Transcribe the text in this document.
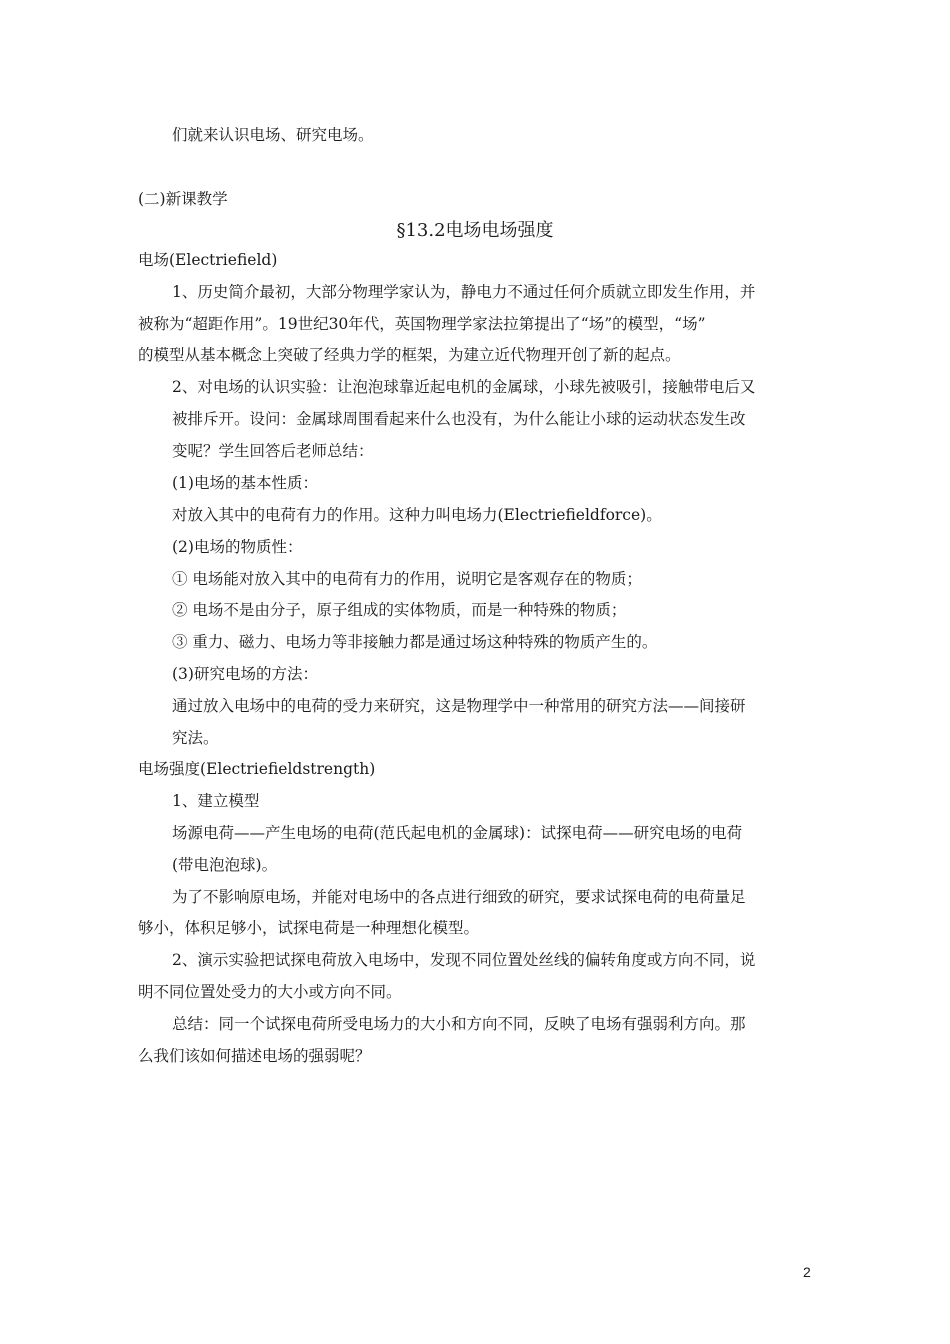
们就来认识电场、研究电场。
(二)新课教学
§13.2电场电场强度
电场(Electriefield)
1、历史简介最初，大部分物理学家认为，静电力不通过任何介质就立即发生作用，并
被称为“超距作用”。19世纪30年代，英国物理学家法拉第提出了“场”的模型，“场”
的模型从基本概念上突破了经典力学的框架，为建立近代物理开创了新的起点。
2、对电场的认识实验：让泡泡球靠近起电机的金属球，小球先被吸引，接触带电后又
被排斥开。设问：金属球周围看起来什么也没有，为什么能让小球的运动状态发生改
变呢？学生回答后老师总结：
(1)电场的基本性质：
对放入其中的电荷有力的作用。这种力叫电场力(Electriefieldforce)。
(2)电场的物质性：
① 电场能对放入其中的电荷有力的作用，说明它是客观存在的物质；
② 电场不是由分子，原子组成的实体物质，而是一种特殊的物质；
③ 重力、磁力、电场力等非接触力都是通过场这种特殊的物质产生的。
(3)研究电场的方法：
通过放入电场中的电荷的受力来研究，这是物理学中一种常用的研究方法——间接研
究法。
电场强度(Electriefieldstrength)
1、建立模型
场源电荷——产生电场的电荷(范氏起电机的金属球)：试探电荷——研究电场的电荷
(带电泡泡球)。
为了不影响原电场，并能对电场中的各点进行细致的研究，要求试探电荷的电荷量足
够小，体积足够小，试探电荷是一种理想化模型。
2、演示实验把试探电荷放入电场中，发现不同位置处丝线的偏转角度或方向不同，说
明不同位置处受力的大小或方向不同。
总结：同一个试探电荷所受电场力的大小和方向不同，反映了电场有强弱利方向。那
么我们该如何描述电场的强弱呢？
2
